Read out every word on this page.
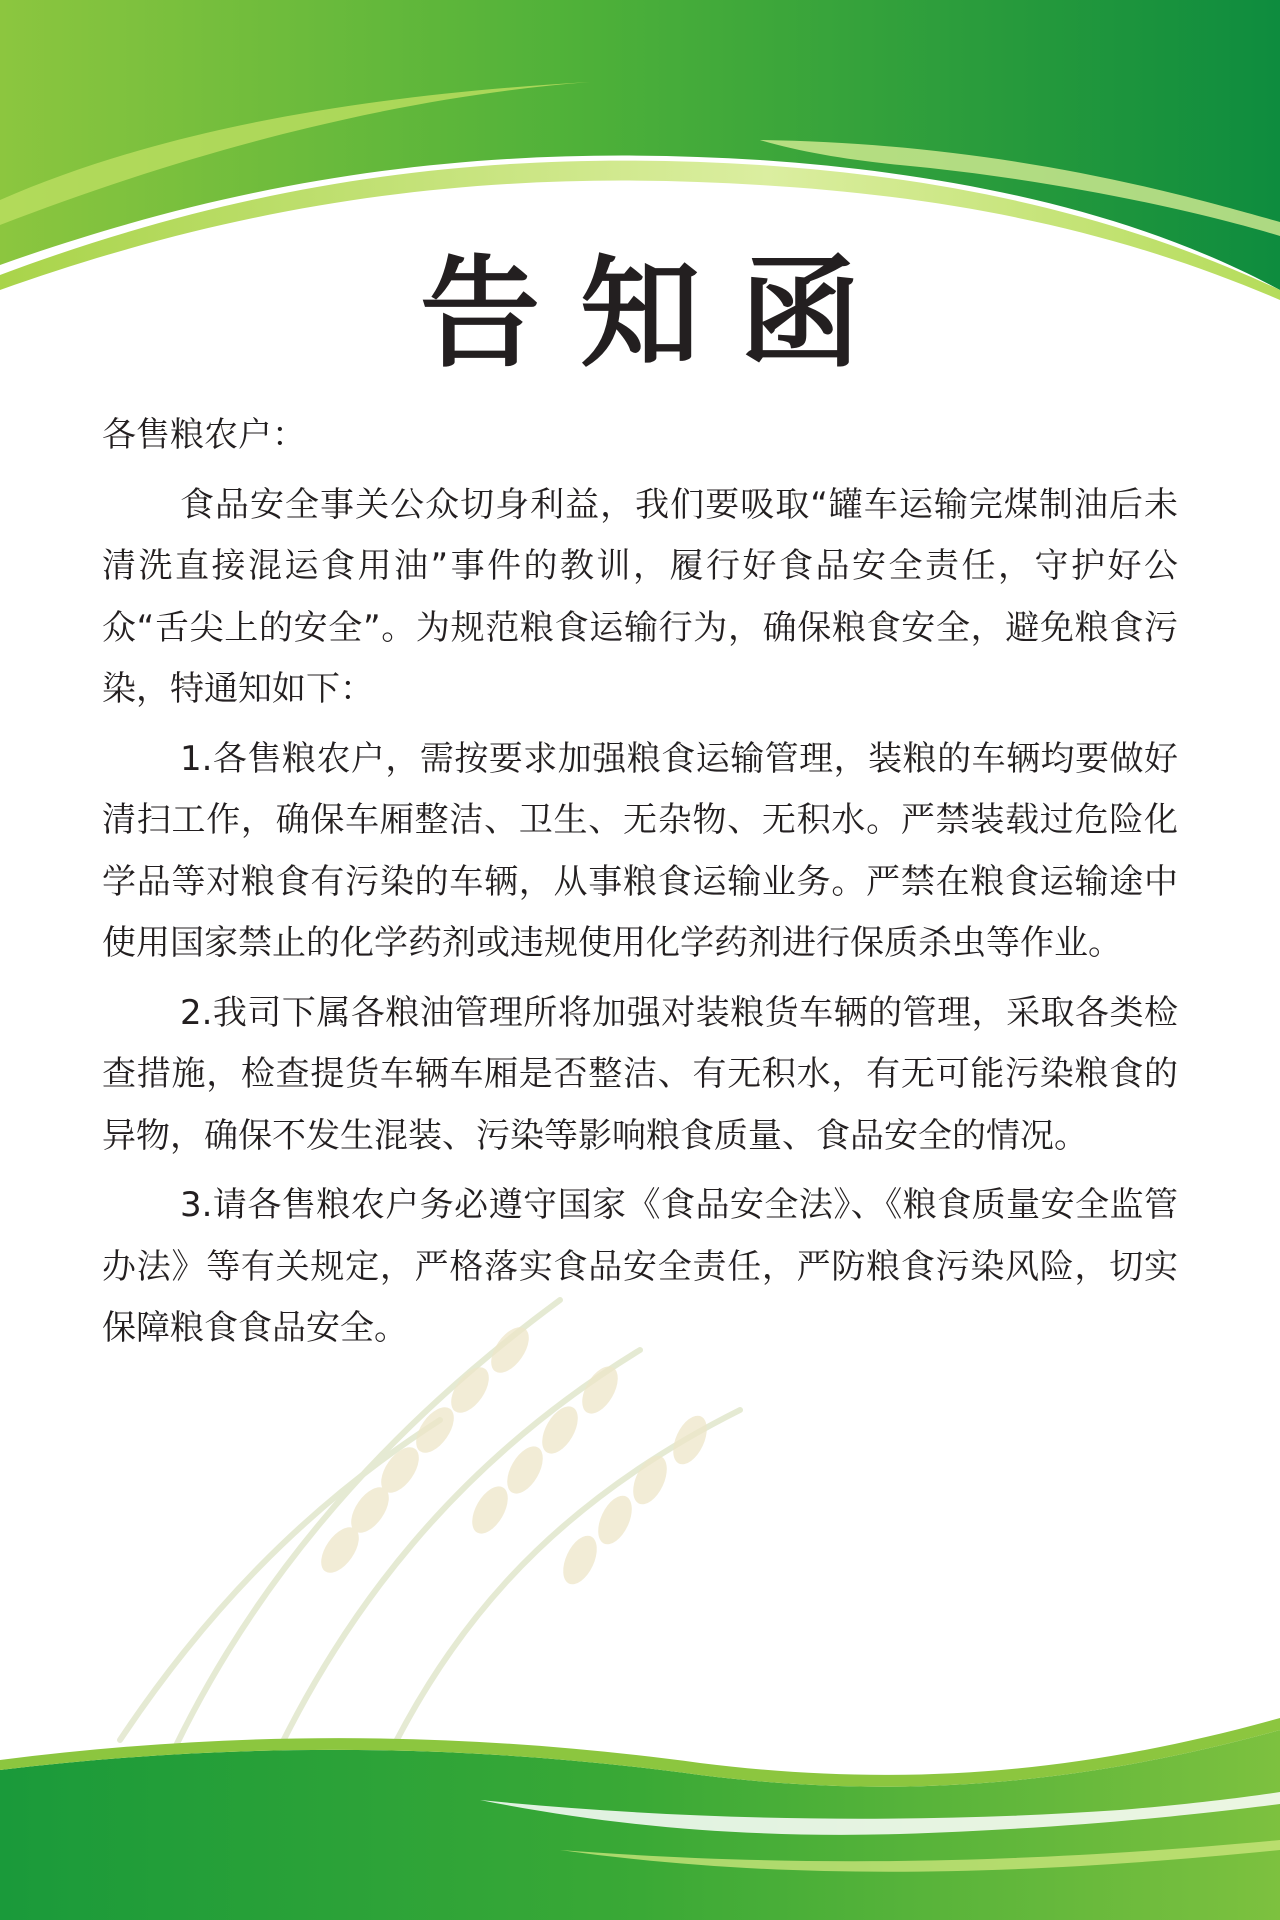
告知函

各售粮农户：

食品安全事关公众切身利益，我们要吸取“罐车运输完煤制油后未清洗直接混运食用油”事件的教训，履行好食品安全责任，守护好公众“舌尖上的安全”。为规范粮食运输行为，确保粮食安全，避免粮食污染，特通知如下：

1.各售粮农户，需按要求加强粮食运输管理，装粮的车辆均要做好清扫工作，确保车厢整洁、卫生、无杂物、无积水。严禁装载过危险化学品等对粮食有污染的车辆，从事粮食运输业务。严禁在粮食运输途中使用国家禁止的化学药剂或违规使用化学药剂进行保质杀虫等作业。

2.我司下属各粮油管理所将加强对装粮货车辆的管理，采取各类检查措施，检查提货车辆车厢是否整洁、有无积水，有无可能污染粮食的异物，确保不发生混装、污染等影响粮食质量、食品安全的情况。

3.请各售粮农户务必遵守国家《食品安全法》、《粮食质量安全监管办法》等有关规定，严格落实食品安全责任，严防粮食污染风险，切实保障粮食食品安全。
